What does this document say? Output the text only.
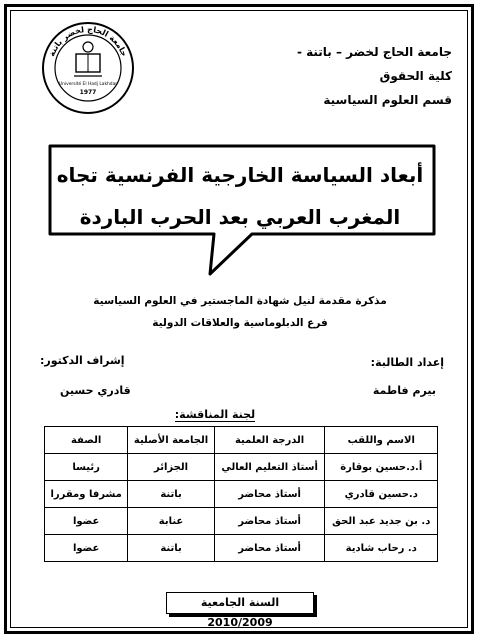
جامعة الحاج لخضر – باتنة -
كلية الحقوق
قسم العلوم السياسية
جامعة الحاج لخضر باتنة
Université El Hadj Lakhdar
1977
أبعاد السياسة الخارجية الفرنسية تجاه
المغرب العربي بعد الحرب الباردة
مذكرة مقدمة لنيل شهادة الماجستير في العلوم السياسية
فرع الدبلوماسية والعلاقات الدولية
إعداد الطالبة:
بيرم فاطمة
إشراف الدكتور:
قادري حسين
لجنة المناقشة:
الاسم واللقب	الدرجة العلمية	الجامعة الأصلية	الصفة
أ.د.حسين بوقارة	أستاذ التعليم العالي	الجزائر	رئيسا
د.حسين قادري	أستاذ محاضر	باتنة	مشرفا ومقررا
د. بن جديد عبد الحق	أستاذ محاضر	عنابة	عضوا
د. رحاب شادية	أستاذ محاضر	باتنة	عضوا
السنة الجامعية 2010/2009
